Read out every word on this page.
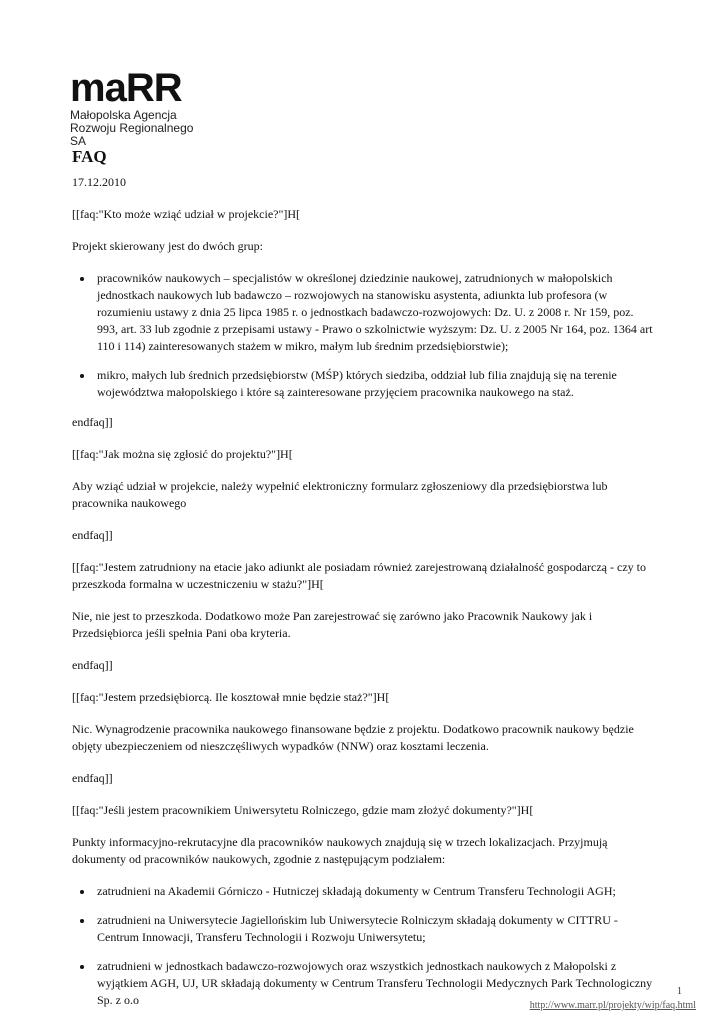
maRR
Małopolska Agencja
Rozwoju Regionalnego SA
FAQ

17.12.2010

[[faq:"Kto może wziąć udział w projekcie?"]H[

Projekt skierowany jest do dwóch grup:

• pracowników naukowych – specjalistów w określonej dziedzinie naukowej, zatrudnionych w małopolskich jednostkach naukowych lub badawczo – rozwojowych na stanowisku asystenta, adiunkta lub profesora (w rozumieniu ustawy z dnia 25 lipca 1985 r. o jednostkach badawczo-rozwojowych: Dz. U. z 2008 r. Nr 159, poz. 993, art. 33 lub zgodnie z przepisami ustawy - Prawo o szkolnictwie wyższym: Dz. U. z 2005 Nr 164, poz. 1364 art 110 i 114) zainteresowanych stażem w mikro, małym lub średnim przedsiębiorstwie);
• mikro, małych lub średnich przedsiębiorstw (MŚP) których siedziba, oddział lub filia znajdują się na terenie województwa małopolskiego i które są zainteresowane przyjęciem pracownika naukowego na staż.

endfaq]]

[[faq:"Jak można się zgłosić do projektu?"]H[

Aby wziąć udział w projekcie, należy wypełnić elektroniczny formularz zgłoszeniowy dla przedsiębiorstwa lub pracownika naukowego

endfaq]]

[[faq:"Jestem zatrudniony na etacie jako adiunkt ale posiadam również zarejestrowaną działalność gospodarczą - czy to przeszkoda formalna w uczestniczeniu w stażu?"]H[

Nie, nie jest to przeszkoda. Dodatkowo może Pan zarejestrować się zarówno jako Pracownik Naukowy jak i Przedsiębiorca jeśli spełnia Pani oba kryteria.

endfaq]]

[[faq:"Jestem przedsiębiorcą. Ile kosztował mnie będzie staż?"]H[

Nic. Wynagrodzenie pracownika naukowego finansowane będzie z projektu. Dodatkowo pracownik naukowy będzie objęty ubezpieczeniem od nieszczęśliwych wypadków (NNW) oraz kosztami leczenia.

endfaq]]

[[faq:"Jeśli jestem pracownikiem Uniwersytetu Rolniczego, gdzie mam złożyć dokumenty?"]H[

Punkty informacyjno-rekrutacyjne dla pracowników naukowych znajdują się w trzech lokalizacjach. Przyjmują dokumenty od pracowników naukowych, zgodnie z następującym podziałem:

• zatrudnieni na Akademii Górniczo - Hutniczej składają dokumenty w Centrum Transferu Technologii AGH;
• zatrudnieni na Uniwersytecie Jagiellońskim lub Uniwersytecie Rolniczym składają dokumenty w CITTRU - Centrum Innowacji, Transferu Technologii i Rozwoju Uniwersytetu;
• zatrudnieni w jednostkach badawczo-rozwojowych oraz wszystkich jednostkach naukowych z Małopolski z wyjątkiem AGH, UJ, UR składają dokumenty w Centrum Transferu Technologii Medycznych Park Technologiczny Sp. z o.o
1
http://www.marr.pl/projekty/wip/faq.html
